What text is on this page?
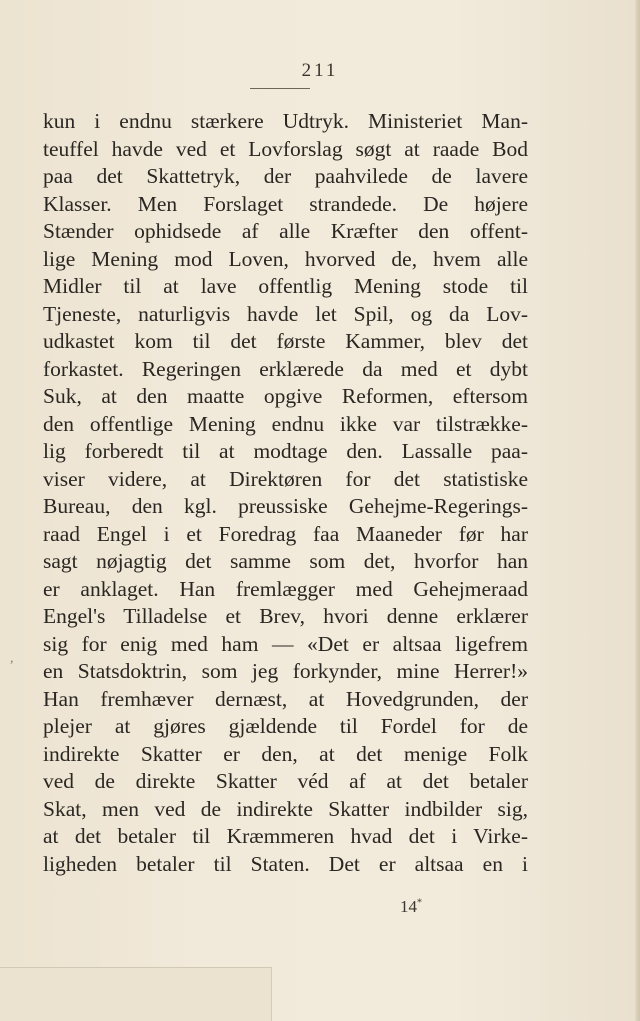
211
,
kun i endnu stærkere Udtryk. Ministeriet Man-
teuffel havde ved et Lovforslag søgt at raade Bod
paa det Skattetryk, der paahvilede de lavere
Klasser. Men Forslaget strandede. De højere
Stænder ophidsede af alle Kræfter den offent-
lige Mening mod Loven, hvorved de, hvem alle
Midler til at lave offentlig Mening stode til
Tjeneste, naturligvis havde let Spil, og da Lov-
udkastet kom til det første Kammer, blev det
forkastet. Regeringen erklærede da med et dybt
Suk, at den maatte opgive Reformen, eftersom
den offentlige Mening endnu ikke var tilstrække-
lig forberedt til at modtage den. Lassalle paa-
viser videre, at Direktøren for det statistiske
Bureau, den kgl. preussiske Gehejme-Regerings-
raad Engel i et Foredrag faa Maaneder før har
sagt nøjagtig det samme som det, hvorfor han
er anklaget. Han fremlægger med Gehejmeraad
Engel's Tilladelse et Brev, hvori denne erklærer
sig for enig med ham — «Det er altsaa ligefrem
en Statsdoktrin, som jeg forkynder, mine Herrer!»
Han fremhæver dernæst, at Hovedgrunden, der
plejer at gjøres gjældende til Fordel for de
indirekte Skatter er den, at det menige Folk
ved de direkte Skatter véd af at det betaler
Skat, men ved de indirekte Skatter indbilder sig,
at det betaler til Kræmmeren hvad det i Virke-
ligheden betaler til Staten. Det er altsaa en i
14*
